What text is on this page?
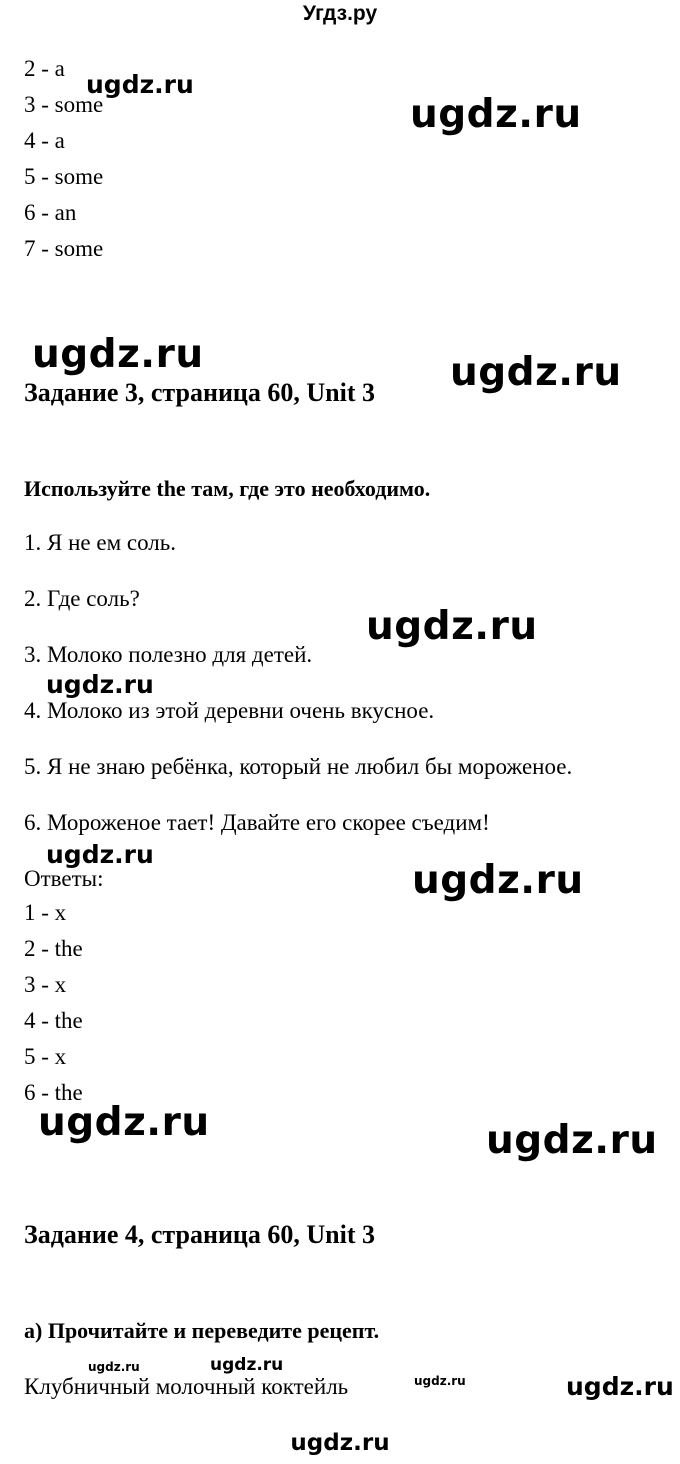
Угдз.ру
2 - a
3 - some
4 - a
5 - some
6 - an
7 - some
Задание 3, страница 60, Unit 3
Используйте the там, где это необходимо.
1. Я не ем соль.
2. Где соль?
3. Молоко полезно для детей.
4. Молоко из этой деревни очень вкусное.
5. Я не знаю ребёнка, который не любил бы мороженое.
6. Мороженое тает! Давайте его скорее съедим!
Ответы:
1 - x
2 - the
3 - x
4 - the
5 - x
6 - the
Задание 4, страница 60, Unit 3
a) Прочитайте и переведите рецепт.
Клубничный молочный коктейль
ugdz.ru
ugdz.ru
ugdz.ru	ugdz.ru
ugdz.ru
ugdz.ru
ugdz.ru
ugdz.ru
ugdz.ru	ugdz.ru
ugdz.ru	ugdz.ru
ugdz.ru	ugdz.ru
ugdz.ru
